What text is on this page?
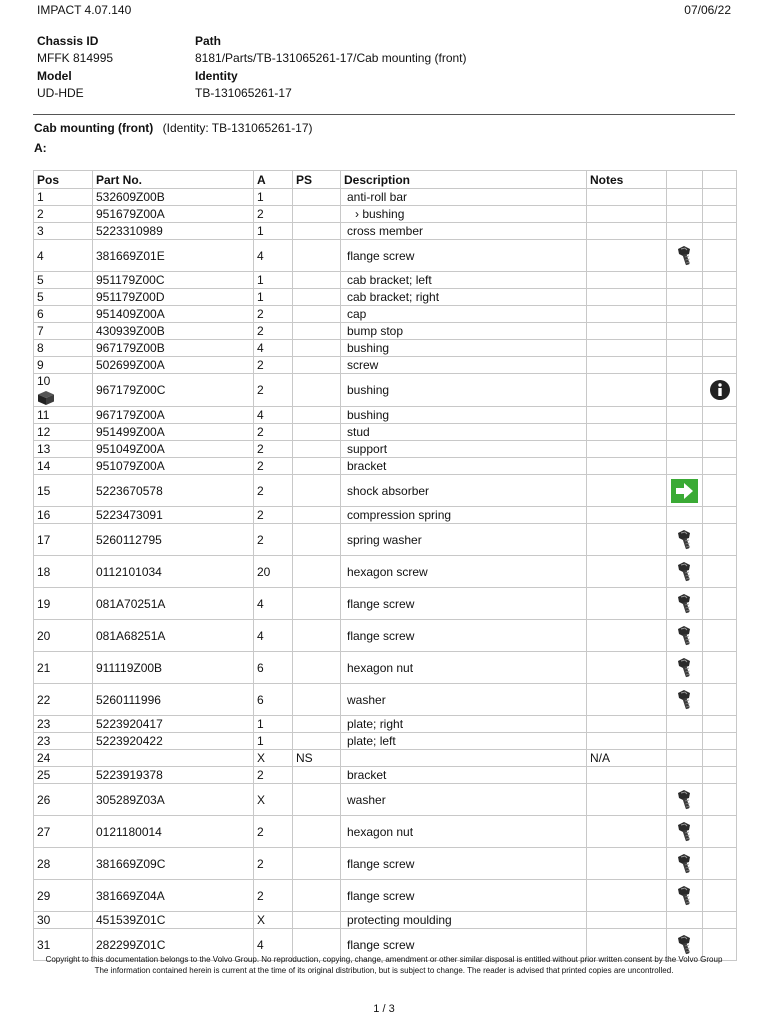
IMPACT 4.07.140	07/06/22
Chassis ID
MFFK 814995
Model
UD-HDE
Path
8181/Parts/TB-131065261-17/Cab mounting (front)
Identity
TB-131065261-17
Cab mounting (front) (Identity: TB-131065261-17)
A:
Pos	Part No.	A	PS	Description	Notes		
1	532609Z00B	1		anti-roll bar			
2	951679Z00A	2		› bushing			
3	5223310989	1		cross member			
4	381669Z01E	4		flange screw		

5	951179Z00C	1		cab bracket; left			
5	951179Z00D	1		cab bracket; right			
6	951409Z00A	2		cap			
7	430939Z00B	2		bump stop			
8	967179Z00B	4		bushing			
9	502699Z00A	2		screw			
10	967179Z00C	2		bushing			

11	967179Z00A	4		bushing			
12	951499Z00A	2		stud			
13	951049Z00A	2		support			
14	951079Z00A	2		bracket			
15	5223670578	2		shock absorber		

16	5223473091	2		compression spring			
17	5260112795	2		spring washer		

18	0112101034	20		hexagon screw		

19	081A70251A	4		flange screw		

20	081A68251A	4		flange screw		

21	911119Z00B	6		hexagon nut		

22	5260111996	6		washer		

23	5223920417	1		plate; right			
23	5223920422	1		plate; left			
24		X	NS		N/A		
25	5223919378	2		bracket			
26	305289Z03A	X		washer		

27	0121180014	2		hexagon nut		

28	381669Z09C	2		flange screw		

29	381669Z04A	2		flange screw		

30	451539Z01C	X		protecting moulding			
31	282299Z01C	4		flange screw		

Copyright to this documentation belongs to the Volvo Group. No reproduction, copying, change, amendment or other similar disposal is entitled without prior written consent by the Volvo Group
The information contained herein is current at the time of its original distribution, but is subject to change. The reader is advised that printed copies are uncontrolled.
1 / 3
